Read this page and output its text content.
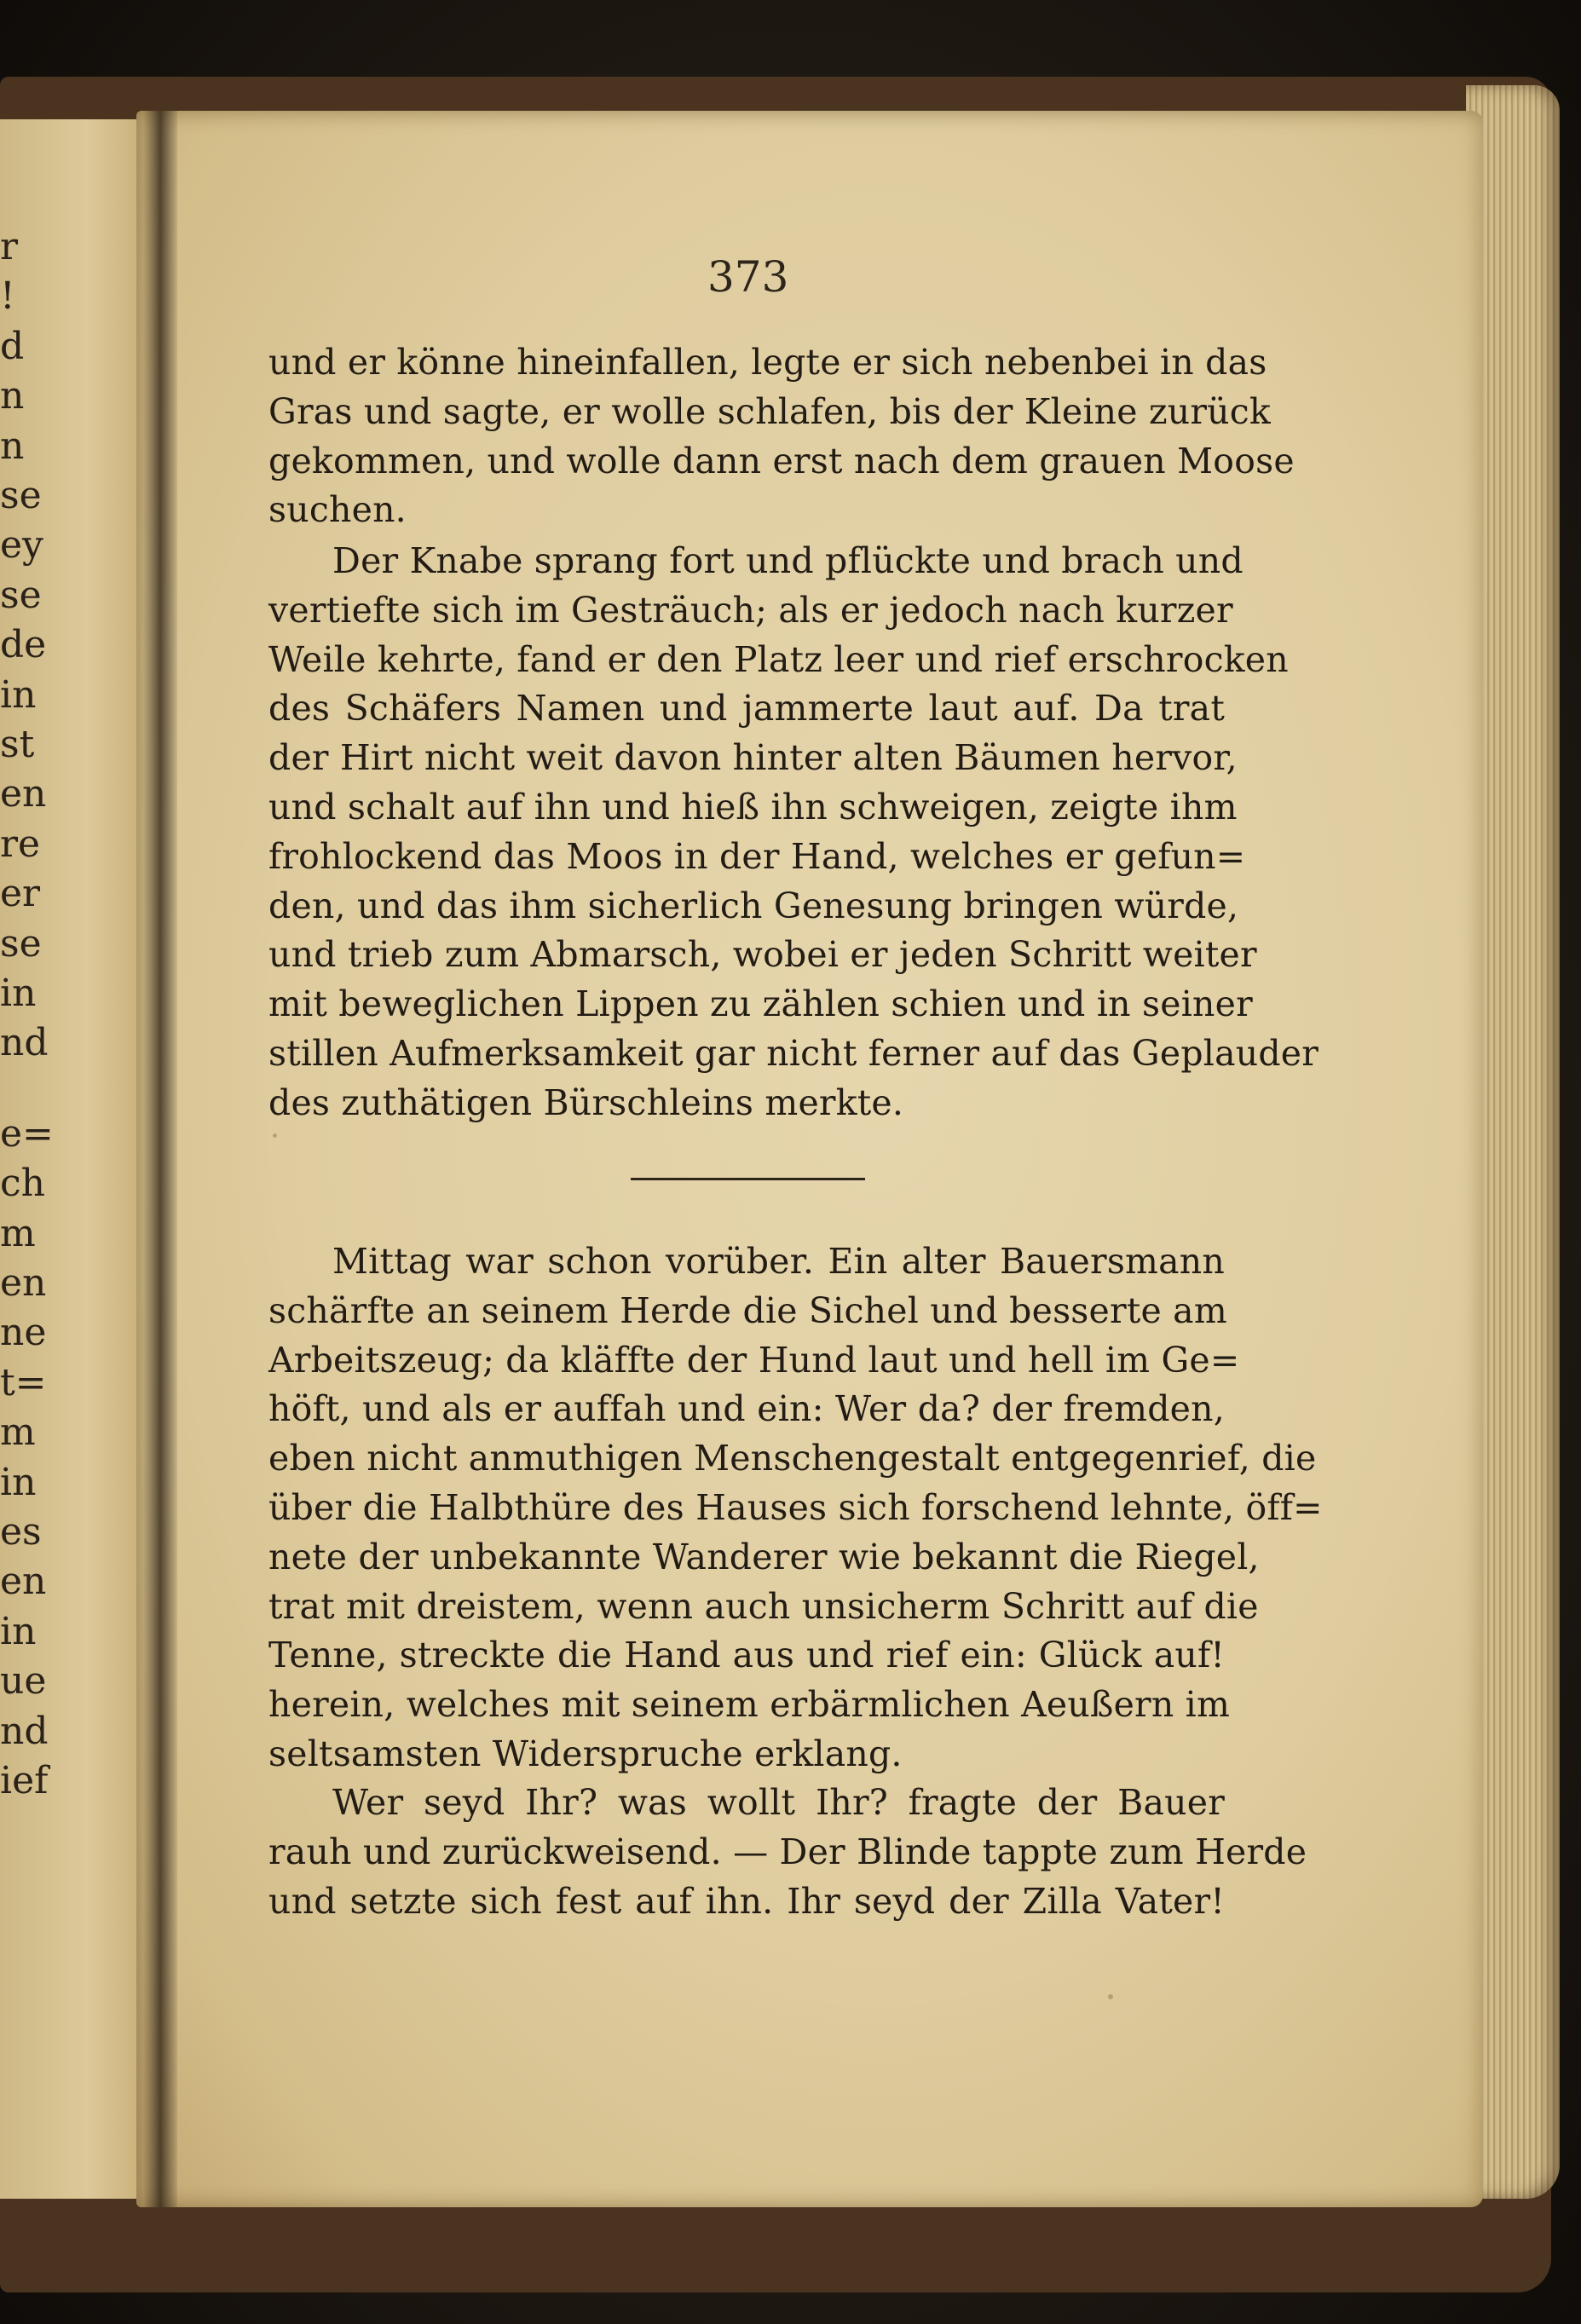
r
!
d
n
n
se
ey
se
de
in
st
en
re
er
se
in
nd
e=
ch
m
en
ne
t=
m
in
es
en
in
ue
nd
ief
373
und er könne hineinfallen, legte er sich nebenbei in das
Gras und sagte, er wolle schlafen, bis der Kleine zurück
gekommen, und wolle dann erst nach dem grauen Moose
suchen.
Der Knabe sprang fort und pflückte und brach und
vertiefte sich im Gesträuch; als er jedoch nach kurzer
Weile kehrte, fand er den Platz leer und rief erschrocken
des Schäfers Namen und jammerte laut auf. Da trat
der Hirt nicht weit davon hinter alten Bäumen hervor,
und schalt auf ihn und hieß ihn schweigen, zeigte ihm
frohlockend das Moos in der Hand, welches er gefun=
den, und das ihm sicherlich Genesung bringen würde,
und trieb zum Abmarsch, wobei er jeden Schritt weiter
mit beweglichen Lippen zu zählen schien und in seiner
stillen Aufmerksamkeit gar nicht ferner auf das Geplauder
des zuthätigen Bürschleins merkte.
Mittag war schon vorüber. Ein alter Bauersmann
schärfte an seinem Herde die Sichel und besserte am
Arbeitszeug; da kläffte der Hund laut und hell im Ge=
höft, und als er auffah und ein: Wer da? der fremden,
eben nicht anmuthigen Menschengestalt entgegenrief, die
über die Halbthüre des Hauses sich forschend lehnte, öff=
nete der unbekannte Wanderer wie bekannt die Riegel,
trat mit dreistem, wenn auch unsicherm Schritt auf die
Tenne, streckte die Hand aus und rief ein: Glück auf!
herein, welches mit seinem erbärmlichen Aeußern im
seltsamsten Widerspruche erklang.
Wer seyd Ihr? was wollt Ihr? fragte der Bauer
rauh und zurückweisend. — Der Blinde tappte zum Herde
und setzte sich fest auf ihn. Ihr seyd der Zilla Vater!
